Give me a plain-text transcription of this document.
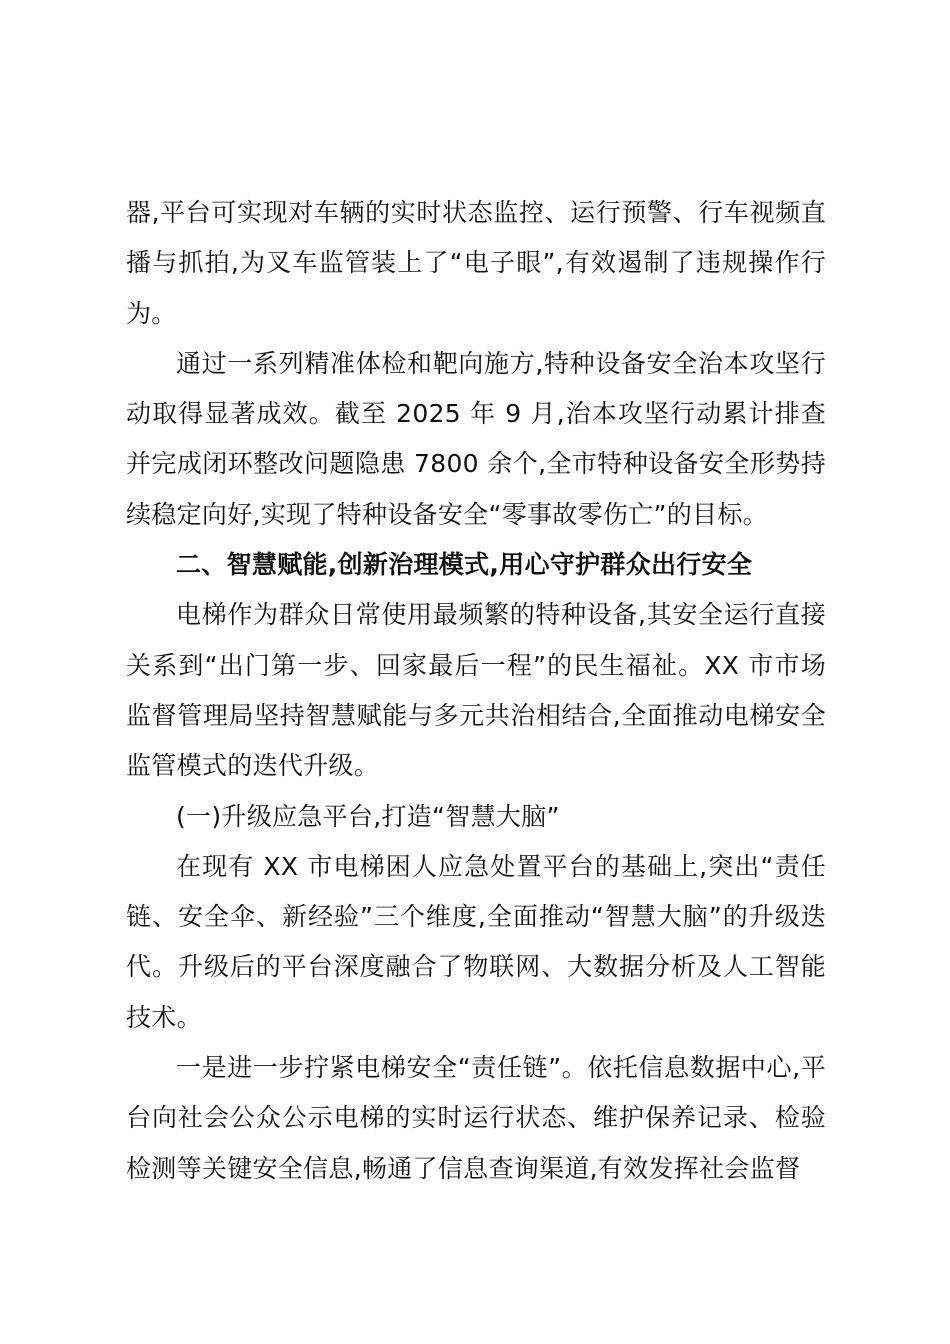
器,平台可实现对车辆的实时状态监控、运行预警、行车视频直播与抓拍,为叉车监管装上了“电子眼”,有效遏制了违规操作行为。

通过一系列精准体检和靶向施方,特种设备安全治本攻坚行动取得显著成效。截至 2025 年 9 月,治本攻坚行动累计排查并完成闭环整改问题隐患 7800 余个,全市特种设备安全形势持续稳定向好,实现了特种设备安全“零事故零伤亡”的目标。

二、智慧赋能,创新治理模式,用心守护群众出行安全

电梯作为群众日常使用最频繁的特种设备,其安全运行直接关系到“出门第一步、回家最后一程”的民生福祉。XX 市市场监督管理局坚持智慧赋能与多元共治相结合,全面推动电梯安全监管模式的迭代升级。

(一)升级应急平台,打造“智慧大脑”

在现有 XX 市电梯困人应急处置平台的基础上,突出“责任链、安全伞、新经验”三个维度,全面推动“智慧大脑”的升级迭代。升级后的平台深度融合了物联网、大数据分析及人工智能技术。

一是进一步拧紧电梯安全“责任链”。依托信息数据中心,平台向社会公众公示电梯的实时运行状态、维护保养记录、检验检测等关键安全信息,畅通了信息查询渠道,有效发挥社会监督
